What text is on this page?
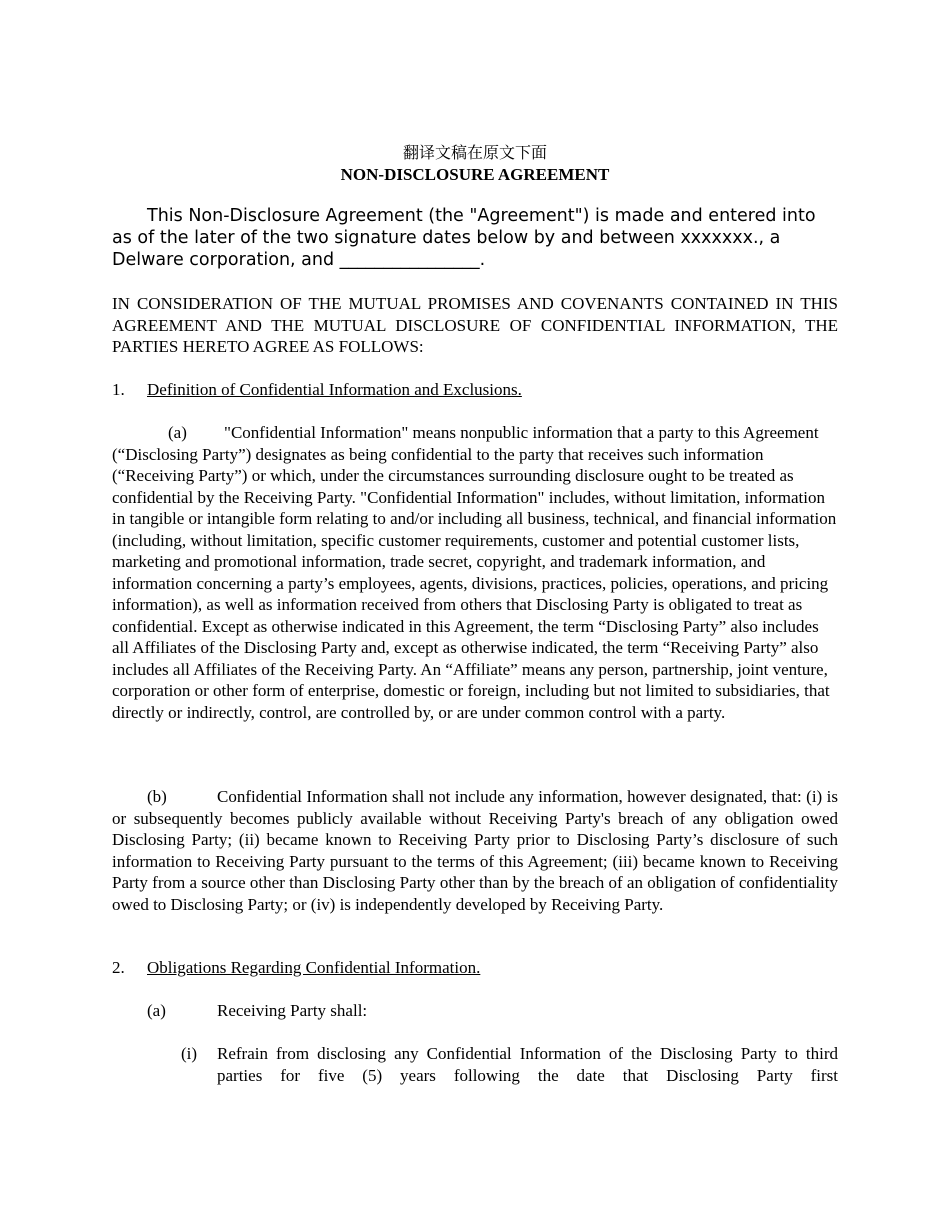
翻译文稿在原文下面
NON-DISCLOSURE AGREEMENT
This Non-Disclosure Agreement (the "Agreement") is made and entered into as of the later of the two signature dates below by and between xxxxxxx., a Delware corporation, and ________________.
IN CONSIDERATION OF THE MUTUAL PROMISES AND COVENANTS CONTAINED IN THIS AGREEMENT AND THE MUTUAL DISCLOSURE OF CONFIDENTIAL INFORMATION, THE PARTIES HERETO AGREE AS FOLLOWS:
1. Definition of Confidential Information and Exclusions.
(a) "Confidential Information" means nonpublic information that a party to this Agreement (“Disclosing Party”) designates as being confidential to the party that receives such information (“Receiving Party”) or which, under the circumstances surrounding disclosure ought to be treated as confidential by the Receiving Party. "Confidential Information" includes, without limitation, information in tangible or intangible form relating to and/or including all business, technical, and financial information (including, without limitation, specific customer requirements, customer and potential customer lists, marketing and promotional information, trade secret, copyright, and trademark information, and information concerning a party’s employees, agents, divisions, practices, policies, operations, and pricing information), as well as information received from others that Disclosing Party is obligated to treat as confidential. Except as otherwise indicated in this Agreement, the term “Disclosing Party” also includes all Affiliates of the Disclosing Party and, except as otherwise indicated, the term “Receiving Party” also includes all Affiliates of the Receiving Party. An “Affiliate” means any person, partnership, joint venture, corporation or other form of enterprise, domestic or foreign, including but not limited to subsidiaries, that directly or indirectly, control, are controlled by, or are under common control with a party.
(b)	Confidential Information shall not include any information, however designated, that: (i) is or subsequently becomes publicly available without Receiving Party's breach of any obligation owed Disclosing Party; (ii) became known to Receiving Party prior to Disclosing Party’s disclosure of such information to Receiving Party pursuant to the terms of this Agreement; (iii) became known to Receiving Party from a source other than Disclosing Party other than by the breach of an obligation of confidentiality owed to Disclosing Party; or (iv) is independently developed by Receiving Party.
2. Obligations Regarding Confidential Information.
(a)	Receiving Party shall:
(i) Refrain from disclosing any Confidential Information of the Disclosing Party to third parties for five (5) years following the date that Disclosing Party first
